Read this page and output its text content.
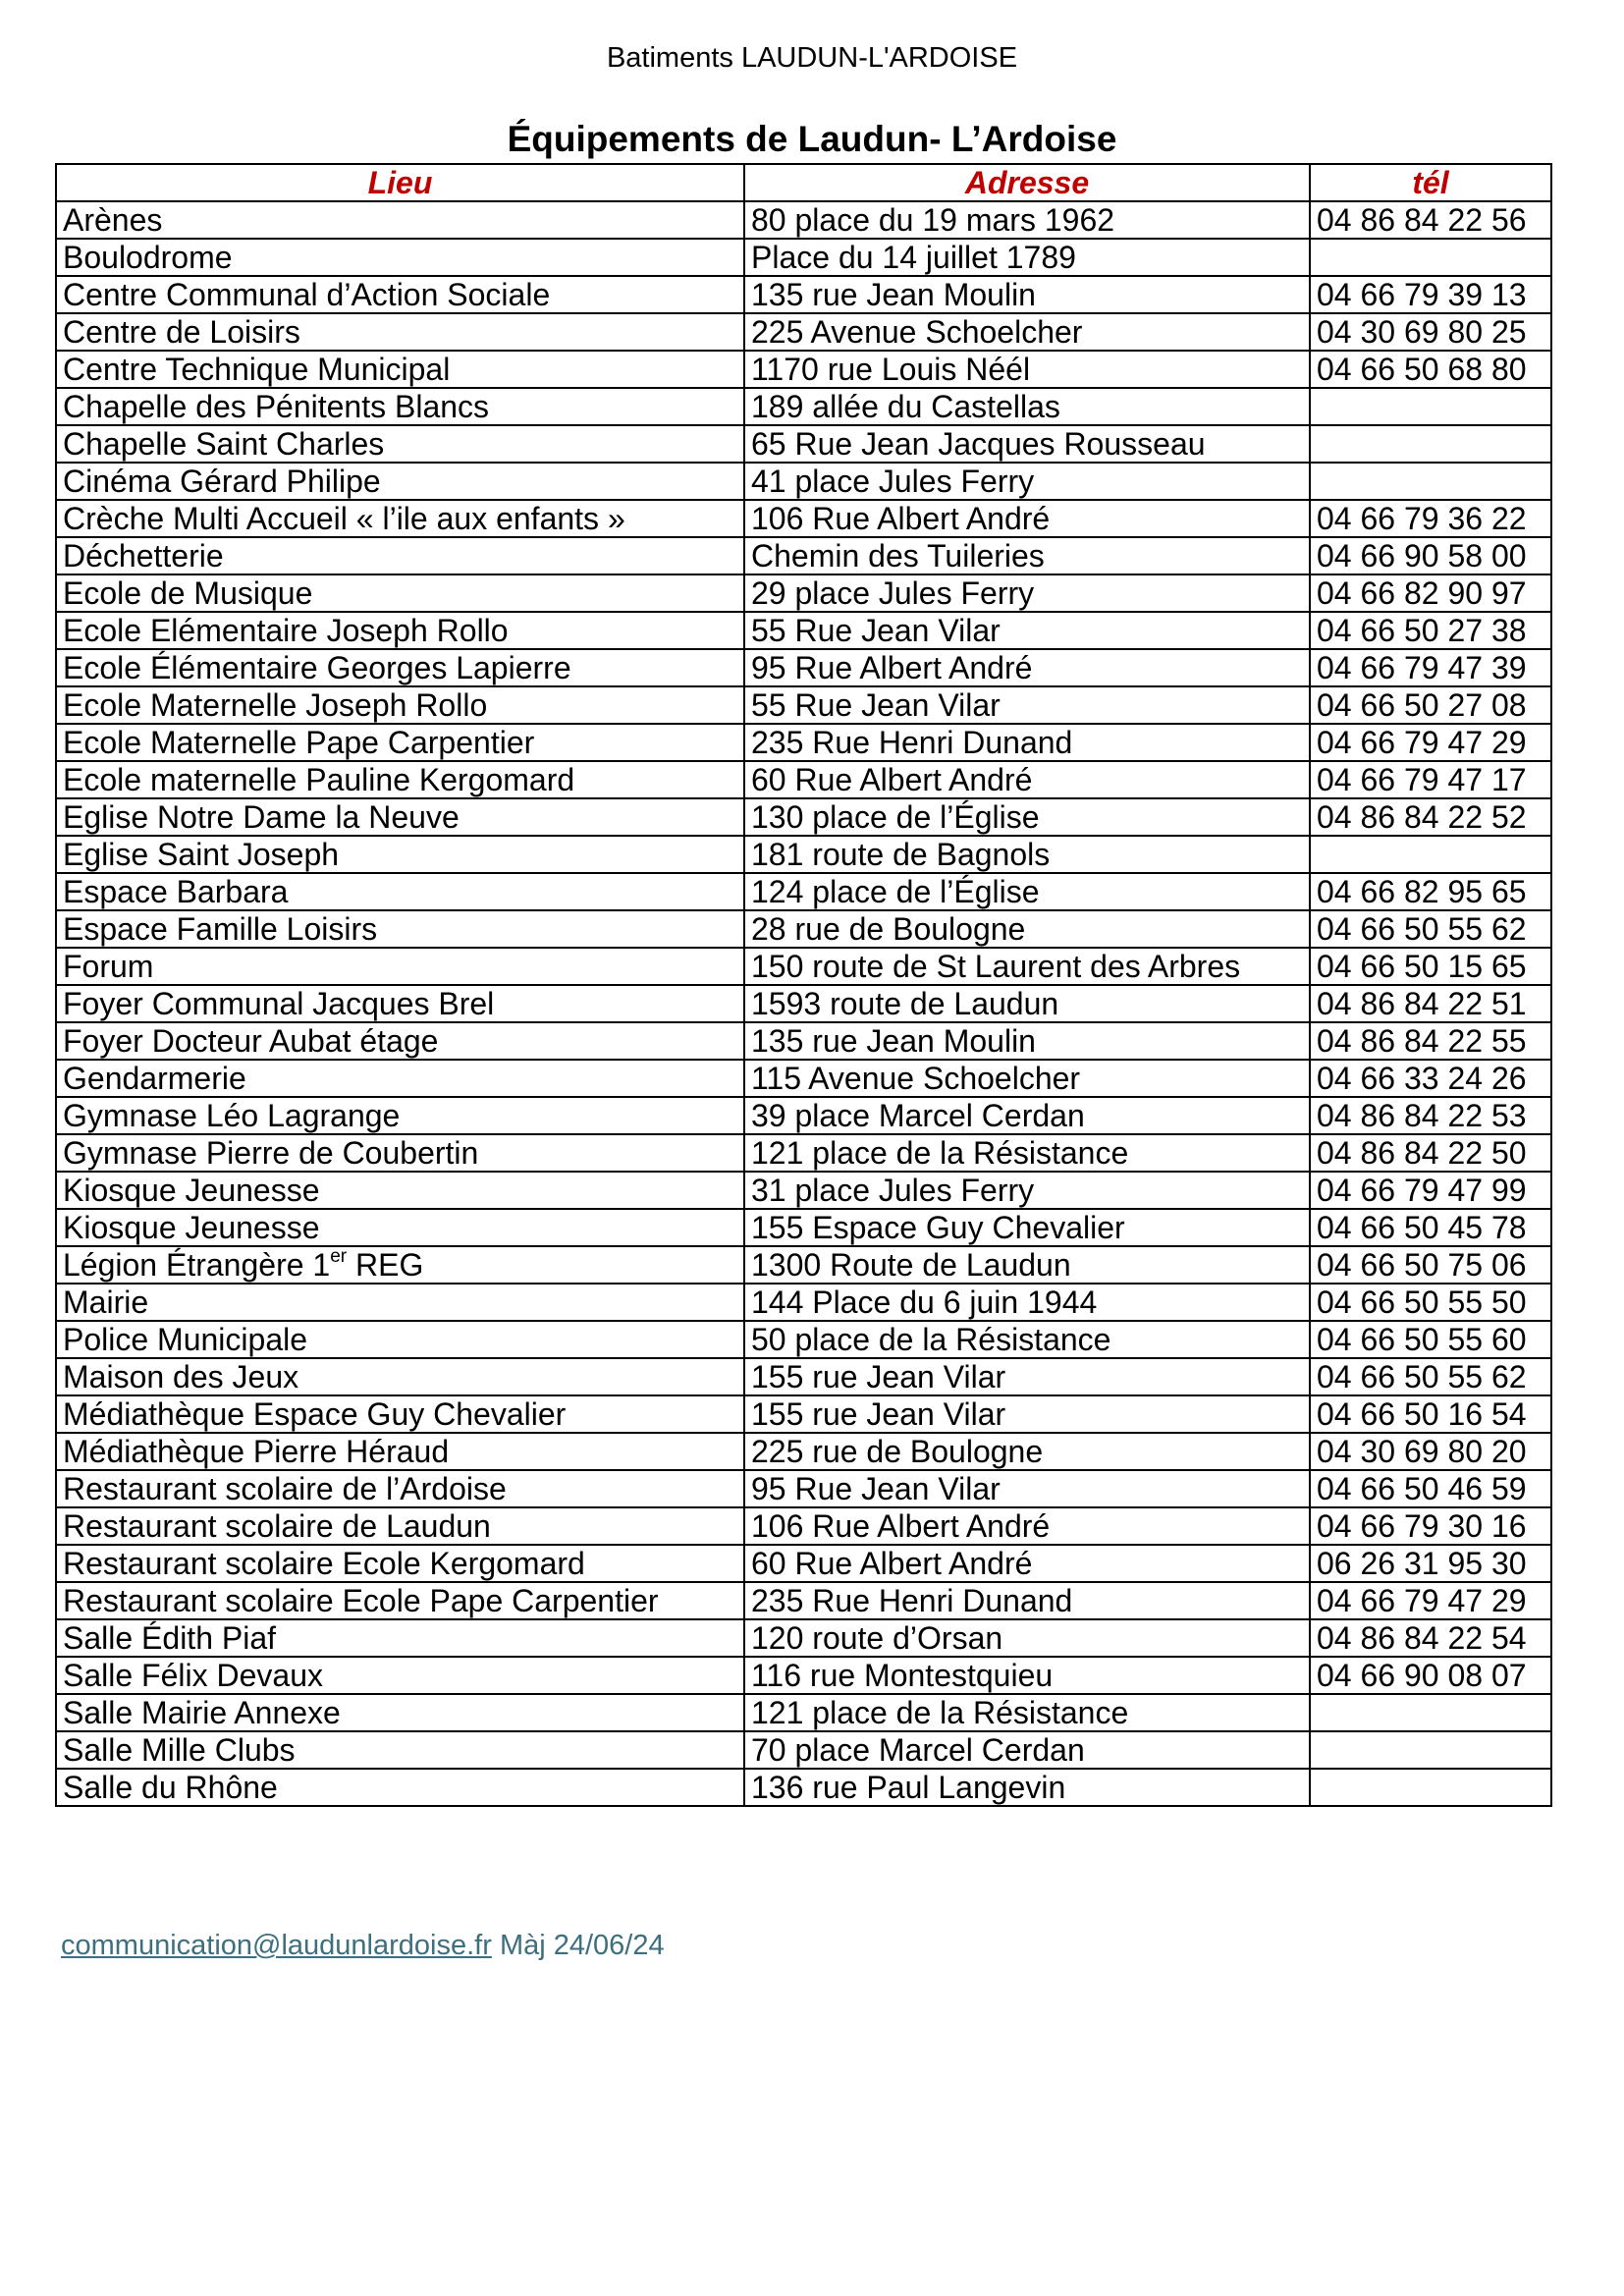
Batiments LAUDUN-L'ARDOISE
Équipements de Laudun- L’Ardoise
Lieu	Adresse	tél
Arènes	80 place du 19 mars 1962	04 86 84 22 56
Boulodrome	Place du 14 juillet 1789	
Centre Communal d’Action Sociale	135 rue Jean Moulin	04 66 79 39 13
Centre de Loisirs	225 Avenue Schoelcher	04 30 69 80 25
Centre Technique Municipal	1170 rue Louis Néél	04 66 50 68 80
Chapelle des Pénitents Blancs	189 allée du Castellas	
Chapelle Saint Charles	65 Rue Jean Jacques Rousseau	
Cinéma Gérard Philipe	41 place Jules Ferry	
Crèche Multi Accueil « l’ile aux enfants »	106 Rue Albert André	04 66 79 36 22
Déchetterie	Chemin des Tuileries	04 66 90 58 00
Ecole de Musique	29 place Jules Ferry	04 66 82 90 97
Ecole Elémentaire Joseph Rollo	55 Rue Jean Vilar	04 66 50 27 38
Ecole Élémentaire Georges Lapierre	95 Rue Albert André	04 66 79 47 39
Ecole Maternelle Joseph Rollo	55 Rue Jean Vilar	04 66 50 27 08
Ecole Maternelle Pape Carpentier	235 Rue Henri Dunand	04 66 79 47 29
Ecole maternelle Pauline Kergomard	60 Rue Albert André	04 66 79 47 17
Eglise Notre Dame la Neuve	130 place de l’Église	04 86 84 22 52
Eglise Saint Joseph	181 route de Bagnols	
Espace Barbara	124 place de l’Église	04 66 82 95 65
Espace Famille Loisirs	28 rue de Boulogne	04 66 50 55 62
Forum	150 route de St Laurent des Arbres	04 66 50 15 65
Foyer Communal Jacques Brel	1593 route de Laudun	04 86 84 22 51
Foyer Docteur Aubat étage	135 rue Jean Moulin	04 86 84 22 55
Gendarmerie	115 Avenue Schoelcher	04 66 33 24 26
Gymnase Léo Lagrange	39 place Marcel Cerdan	04 86 84 22 53
Gymnase Pierre de Coubertin	121 place de la Résistance	04 86 84 22 50
Kiosque Jeunesse	31 place Jules Ferry	04 66 79 47 99
Kiosque Jeunesse	155 Espace Guy Chevalier	04 66 50 45 78
Légion Étrangère 1er REG	1300 Route de Laudun	04 66 50 75 06
Mairie	144 Place du 6 juin 1944	04 66 50 55 50
Police Municipale	50 place de la Résistance	04 66 50 55 60
Maison des Jeux	155 rue Jean Vilar	04 66 50 55 62
Médiathèque Espace Guy Chevalier	155 rue Jean Vilar	04 66 50 16 54
Médiathèque Pierre Héraud	225 rue de Boulogne	04 30 69 80 20
Restaurant scolaire de l’Ardoise	95 Rue Jean Vilar	04 66 50 46 59
Restaurant scolaire de Laudun	106 Rue Albert André	04 66 79 30 16
Restaurant scolaire Ecole Kergomard	60 Rue Albert André	06 26 31 95 30
Restaurant scolaire Ecole Pape Carpentier	235 Rue Henri Dunand	04 66 79 47 29
Salle Édith Piaf	120 route d’Orsan	04 86 84 22 54
Salle Félix Devaux	116 rue Montestquieu	04 66 90 08 07
Salle Mairie Annexe	121 place de la Résistance	
Salle Mille Clubs	70 place Marcel Cerdan	
Salle du Rhône	136 rue Paul Langevin	
communication@laudunlardoise.fr Màj 24/06/24
